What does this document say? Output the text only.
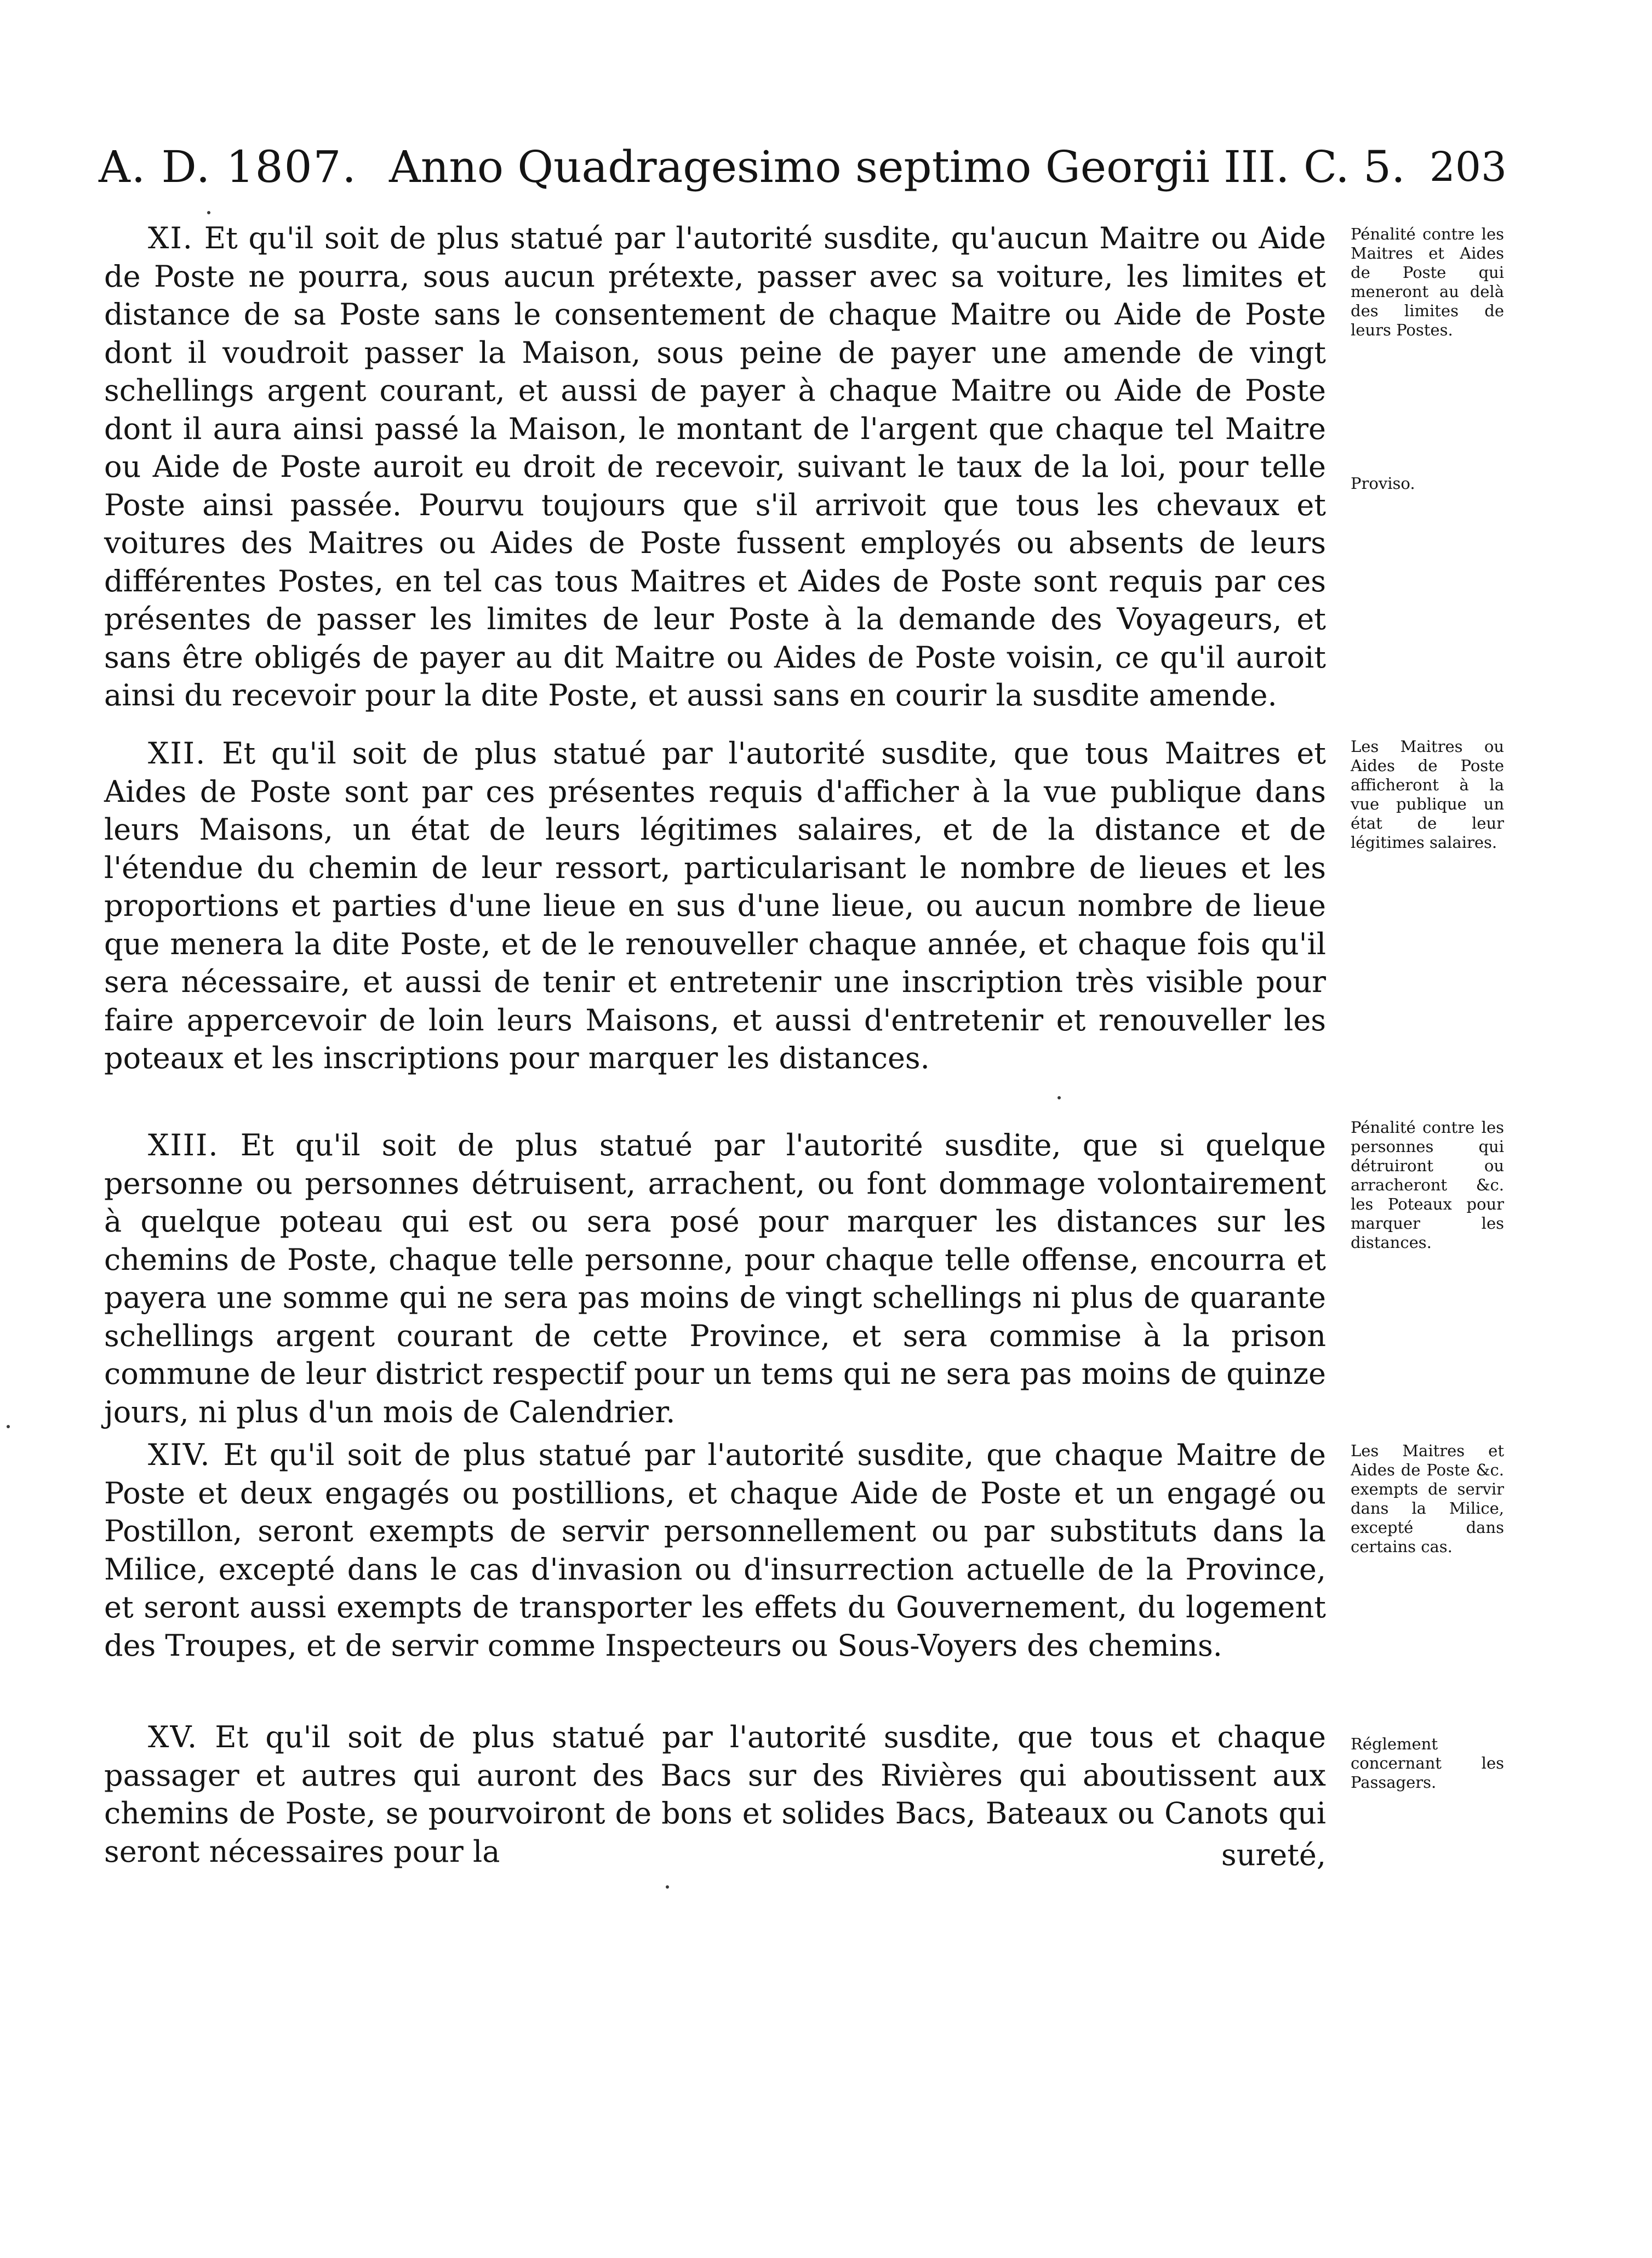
A. D. 1807. Anno Quadragesimo septimo Georgii III. C. 5. 203

XI. Et qu'il soit de plus statué par l'autorité susdite, qu'aucun Maitre ou Aide de Poste ne pourra, sous aucun prétexte, passer avec sa voiture, les limites et distance de sa Poste sans le consentement de chaque Maitre ou Aide de Poste dont il voudroit passer la Maison, sous peine de payer une amende de vingt schellings argent courant, et aussi de payer à chaque Maitre ou Aide de Poste dont il aura ainsi passé la Maison, le montant de l'argent que chaque tel Maitre ou Aide de Poste auroit eu droit de recevoir, suivant le taux de la loi, pour telle Poste ainsi passée. Pourvu toujours que s'il arrivoit que tous les chevaux et voitures des Maitres ou Aides de Poste fussent employés ou absents de leurs différentes Postes, en tel cas tous Maitres et Aides de Poste sont requis par ces présentes de passer les limites de leur Poste à la demande des Voyageurs, et sans être obligés de payer au dit Maitre ou Aides de Poste voisin, ce qu'il auroit ainsi du recevoir pour la dite Poste, et aussi sans en courir la susdite amende.

XII. Et qu'il soit de plus statué par l'autorité susdite, que tous Maitres et Aides de Poste sont par ces présentes requis d'afficher à la vue publique dans leurs Maisons, un état de leurs légitimes salaires, et de la distance et de l'étendue du chemin de leur ressort, particularisant le nombre de lieues et les proportions et parties d'une lieue en sus d'une lieue, ou aucun nombre de lieue que menera la dite Poste, et de le renouveller chaque année, et chaque fois qu'il sera nécessaire, et aussi de tenir et entretenir une inscription très visible pour faire appercevoir de loin leurs Maisons, et aussi d'entretenir et renouveller les poteaux et les inscriptions pour marquer les distances.

XIII. Et qu'il soit de plus statué par l'autorité susdite, que si quelque personne ou personnes détruisent, arrachent, ou font dommage volontairement à quelque poteau qui est ou sera posé pour marquer les distances sur les chemins de Poste, chaque telle personne, pour chaque telle offense, encourra et payera une somme qui ne sera pas moins de vingt schellings ni plus de quarante schellings argent courant de cette Province, et sera commise à la prison commune de leur district respectif pour un tems qui ne sera pas moins de quinze jours, ni plus d'un mois de Calendrier.

XIV. Et qu'il soit de plus statué par l'autorité susdite, que chaque Maitre de Poste et deux engagés ou postillions, et chaque Aide de Poste et un engagé ou Postillon, seront exempts de servir personnellement ou par substituts dans la Milice, excepté dans le cas d'invasion ou d'insurrection actuelle de la Province, et seront aussi exempts de transporter les effets du Gouvernement, du logement des Troupes, et de servir comme Inspecteurs ou Sous-Voyers des chemins.

XV. Et qu'il soit de plus statué par l'autorité susdite, que tous et chaque passager et autres qui auront des Bacs sur des Rivières qui aboutissent aux chemins de Poste, se pourvoiront de bons et solides Bacs, Bateaux ou Canots qui seront nécessaires pour la	sureté,

Pénalité contre les Maitres et Aides de Poste qui meneront au delà des limites de leurs Postes.

Proviso.

Les Maitres ou Aides de Poste afficheront à la vue publique un état de leur légitimes salaires.

Pénalité contre les personnes qui détruiront ou arracheront &c. les Poteaux pour marquer les distances.

Les Maitres et Aides de Poste &c. exempts de servir dans la Milice, excepté dans certains cas.

Réglement concernant les Passagers.
